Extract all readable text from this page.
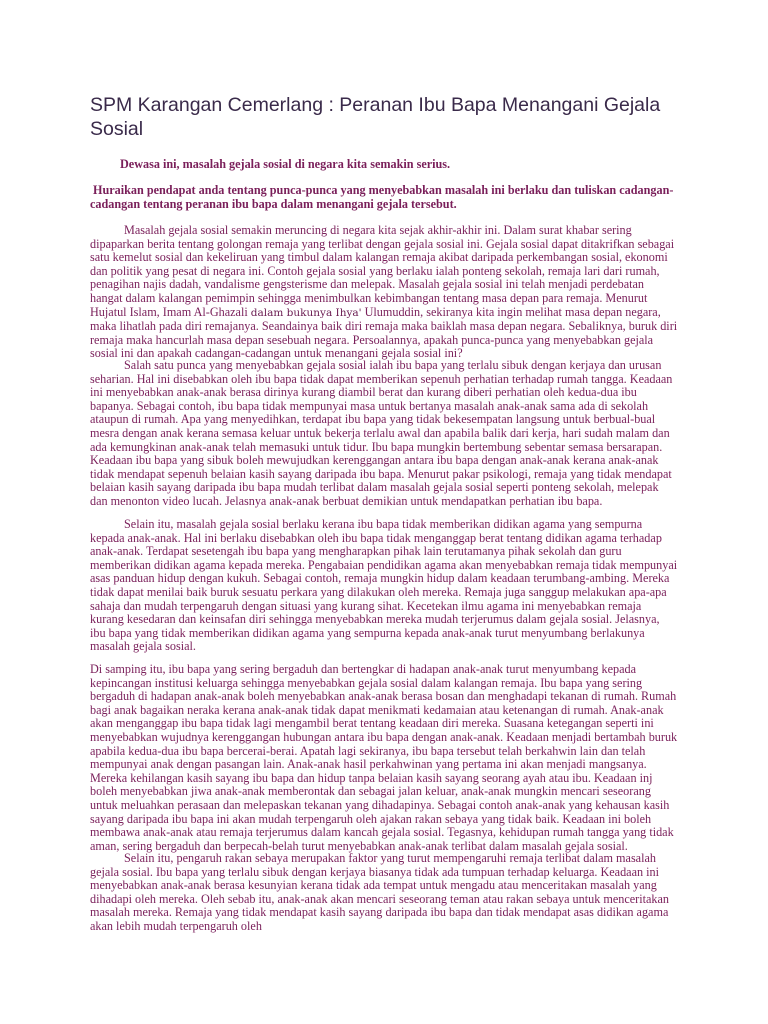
SPM Karangan Cemerlang : Peranan Ibu Bapa Menangani Gejala Sosial

Dewasa ini, masalah gejala sosial di negara kita semakin serius.

Huraikan pendapat anda tentang punca-punca yang menyebabkan masalah ini berlaku dan tuliskan cadangan-cadangan tentang peranan ibu bapa dalam menangani gejala tersebut.

Masalah gejala sosial semakin meruncing di negara kita sejak akhir-akhir ini. Dalam surat khabar sering dipaparkan berita tentang golongan remaja yang terlibat dengan gejala sosial ini. Gejala sosial dapat ditakrifkan sebagai satu kemelut sosial dan kekeliruan yang timbul dalam kalangan remaja akibat daripada perkembangan sosial, ekonomi dan politik yang pesat di negara ini. Contoh gejala sosial yang berlaku ialah ponteng sekolah, remaja lari dari rumah, penagihan najis dadah, vandalisme gengsterisme dan melepak. Masalah gejala sosial ini telah menjadi perdebatan hangat dalam kalangan pemimpin sehingga menimbulkan kebimbangan tentang masa depan para remaja. Menurut Hujatul Islam, Imam Al-Ghazali dalam bukunya Ihya' Ulumuddin, sekiranya kita ingin melihat masa depan negara, maka lihatlah pada diri remajanya. Seandainya baik diri remaja maka baiklah masa depan negara. Sebaliknya, buruk diri remaja maka hancurlah masa depan sesebuah negara. Persoalannya, apakah punca-punca yang menyebabkan gejala sosial ini dan apakah cadangan-cadangan untuk menangani gejala sosial ini?

Salah satu punca yang menyebabkan gejala sosial ialah ibu bapa yang terlalu sibuk dengan kerjaya dan urusan seharian. Hal ini disebabkan oleh ibu bapa tidak dapat memberikan sepenuh perhatian terhadap rumah tangga. Keadaan ini menyebabkan anak-anak berasa dirinya kurang diambil berat dan kurang diberi perhatian oleh kedua-dua ibu bapanya. Sebagai contoh, ibu bapa tidak mempunyai masa untuk bertanya masalah anak-anak sama ada di sekolah ataupun di rumah. Apa yang menyedihkan, terdapat ibu bapa yang tidak bekesempatan langsung untuk berbual-bual mesra dengan anak kerana semasa keluar untuk bekerja terlalu awal dan apabila balik dari kerja, hari sudah malam dan ada kemungkinan anak-anak telah memasuki untuk tidur. Ibu bapa mungkin bertembung sebentar semasa bersarapan. Keadaan ibu bapa yang sibuk boleh mewujudkan kerenggangan antara ibu bapa dengan anak-anak kerana anak-anak tidak mendapat sepenuh belaian kasih sayang daripada ibu bapa. Menurut pakar psikologi, remaja yang tidak mendapat belaian kasih sayang daripada ibu bapa mudah terlibat dalam masalah gejala sosial seperti ponteng sekolah, melepak dan menonton video lucah. Jelasnya anak-anak berbuat demikian untuk mendapatkan perhatian ibu bapa.

Selain itu, masalah gejala sosial berlaku kerana ibu bapa tidak memberikan didikan agama yang sempurna kepada anak-anak. Hal ini berlaku disebabkan oleh ibu bapa tidak menganggap berat tentang didikan agama terhadap anak-anak. Terdapat sesetengah ibu bapa yang mengharapkan pihak lain terutamanya pihak sekolah dan guru memberikan didikan agama kepada mereka. Pengabaian pendidikan agama akan menyebabkan remaja tidak mempunyai asas panduan hidup dengan kukuh. Sebagai contoh, remaja mungkin hidup dalam keadaan terumbang-ambing. Mereka tidak dapat menilai baik buruk sesuatu perkara yang dilakukan oleh mereka. Remaja juga sanggup melakukan apa-apa sahaja dan mudah terpengaruh dengan situasi yang kurang sihat. Kecetekan ilmu agama ini menyebabkan remaja kurang kesedaran dan keinsafan diri sehingga menyebabkan mereka mudah terjerumus dalam gejala sosial. Jelasnya, ibu bapa yang tidak memberikan didikan agama yang sempurna kepada anak-anak turut menyumbang berlakunya masalah gejala sosial.

Di samping itu, ibu bapa yang sering bergaduh dan bertengkar di hadapan anak-anak turut menyumbang kepada kepincangan institusi keluarga sehingga menyebabkan gejala sosial dalam kalangan remaja. Ibu bapa yang sering bergaduh di hadapan anak-anak boleh menyebabkan anak-anak berasa bosan dan menghadapi tekanan di rumah. Rumah bagi anak bagaikan neraka kerana anak-anak tidak dapat menikmati kedamaian atau ketenangan di rumah. Anak-anak akan menganggap ibu bapa tidak lagi mengambil berat tentang keadaan diri mereka. Suasana ketegangan seperti ini menyebabkan wujudnya kerenggangan hubungan antara ibu bapa dengan anak-anak. Keadaan menjadi bertambah buruk apabila kedua-dua ibu bapa bercerai-berai. Apatah lagi sekiranya, ibu bapa tersebut telah berkahwin lain dan telah mempunyai anak dengan pasangan lain. Anak-anak hasil perkahwinan yang pertama ini akan menjadi mangsanya. Mereka kehilangan kasih sayang ibu bapa dan hidup tanpa belaian kasih sayang seorang ayah atau ibu. Keadaan inj boleh menyebabkan jiwa anak-anak memberontak dan sebagai jalan keluar, anak-anak mungkin mencari seseorang untuk meluahkan perasaan dan melepaskan tekanan yang dihadapinya. Sebagai contoh anak-anak yang kehausan kasih sayang daripada ibu bapa ini akan mudah terpengaruh oleh ajakan rakan sebaya yang tidak baik. Keadaan ini boleh membawa anak-anak atau remaja terjerumus dalam kancah gejala sosial. Tegasnya, kehidupan rumah tangga yang tidak aman, sering bergaduh dan berpecah-belah turut menyebabkan anak-anak terlibat dalam masalah gejala sosial.

Selain itu, pengaruh rakan sebaya merupakan faktor yang turut mempengaruhi remaja terlibat dalam masalah gejala sosial. Ibu bapa yang terlalu sibuk dengan kerjaya biasanya tidak ada tumpuan terhadap keluarga. Keadaan ini menyebabkan anak-anak berasa kesunyian kerana tidak ada tempat untuk mengadu atau menceritakan masalah yang dihadapi oleh mereka. Oleh sebab itu, anak-anak akan mencari seseorang teman atau rakan sebaya untuk menceritakan masalah mereka. Remaja yang tidak mendapat kasih sayang daripada ibu bapa dan tidak mendapat asas didikan agama akan lebih mudah terpengaruh oleh
